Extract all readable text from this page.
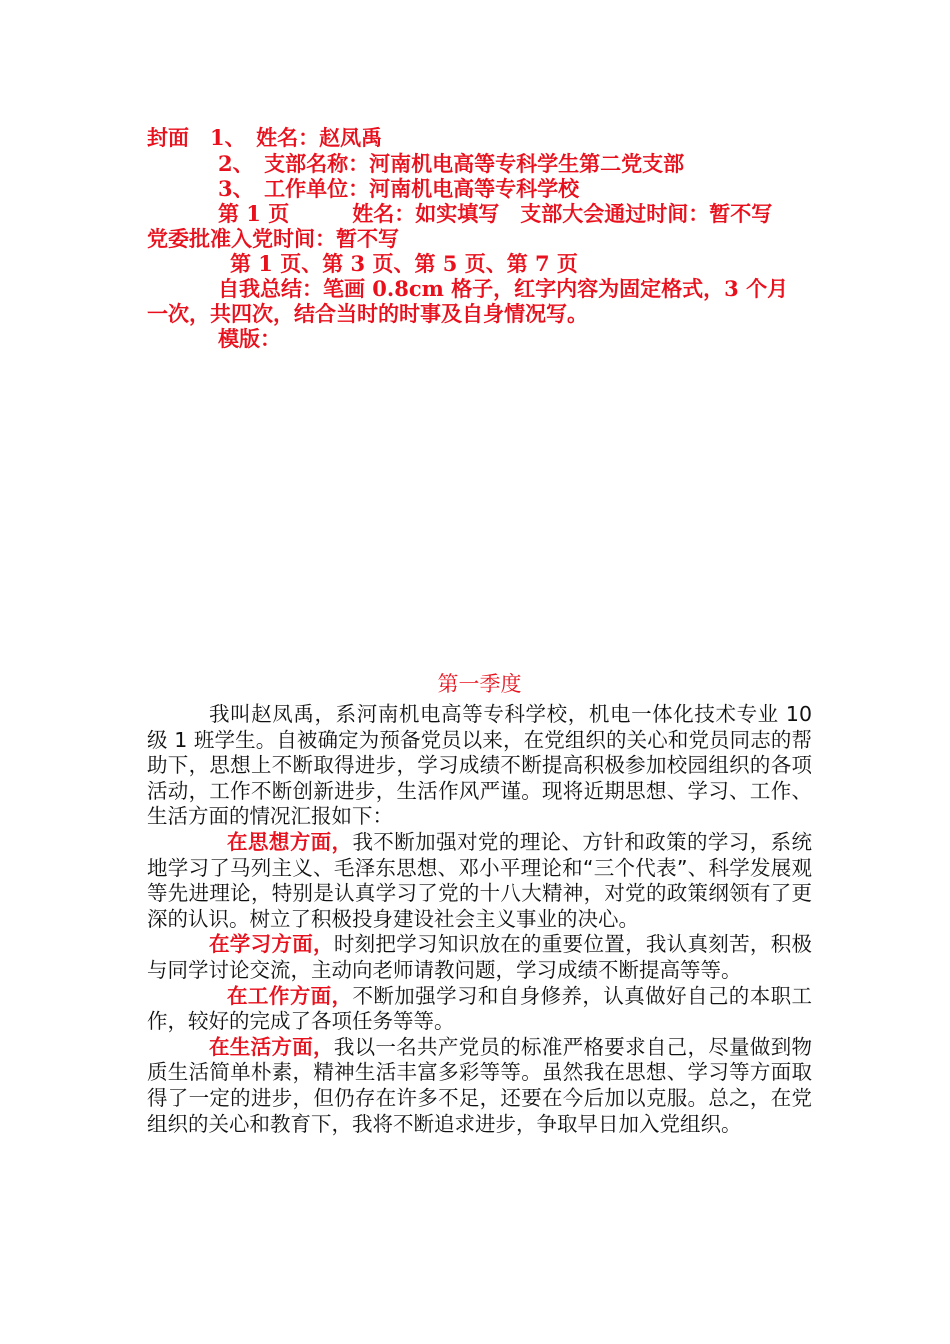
封面　1、　姓名：赵凤禹
2、　支部名称：河南机电高等专科学生第二党支部
3、　工作单位：河南机电高等专科学校
第 1 页　　　姓名：如实填写　支部大会通过时间：暂不写
党委批准入党时间：暂不写
第 1 页、第 3 页、第 5 页、第 7 页
自我总结：笔画 0.8cm 格子，红字内容为固定格式，3 个月
一次，共四次，结合当时的时事及自身情况写。
模版：
第一季度

我叫赵凤禹，系河南机电高等专科学校，机电一体化技术专业 10 级 1 班学生。自被确定为预备党员以来，在党组织的关心和党员同志的帮助下，思想上不断取得进步，学习成绩不断提高积极参加校园组织的各项活动，工作不断创新进步，生活作风严谨。现将近期思想、学习、工作、生活方面的情况汇报如下：

在思想方面，我不断加强对党的理论、方针和政策的学习，系统地学习了马列主义、毛泽东思想、邓小平理论和“三个代表”、科学发展观等先进理论，特别是认真学习了党的十八大精神，对党的政策纲领有了更深的认识。树立了积极投身建设社会主义事业的决心。

在学习方面，时刻把学习知识放在的重要位置，我认真刻苦，积极与同学讨论交流，主动向老师请教问题，学习成绩不断提高等等。

在工作方面，不断加强学习和自身修养，认真做好自己的本职工作，较好的完成了各项任务等等。

在生活方面，我以一名共产党员的标准严格要求自己，尽量做到物质生活简单朴素，精神生活丰富多彩等等。虽然我在思想、学习等方面取得了一定的进步，但仍存在许多不足，还要在今后加以克服。总之，在党组织的关心和教育下，我将不断追求进步，争取早日加入党组织。
